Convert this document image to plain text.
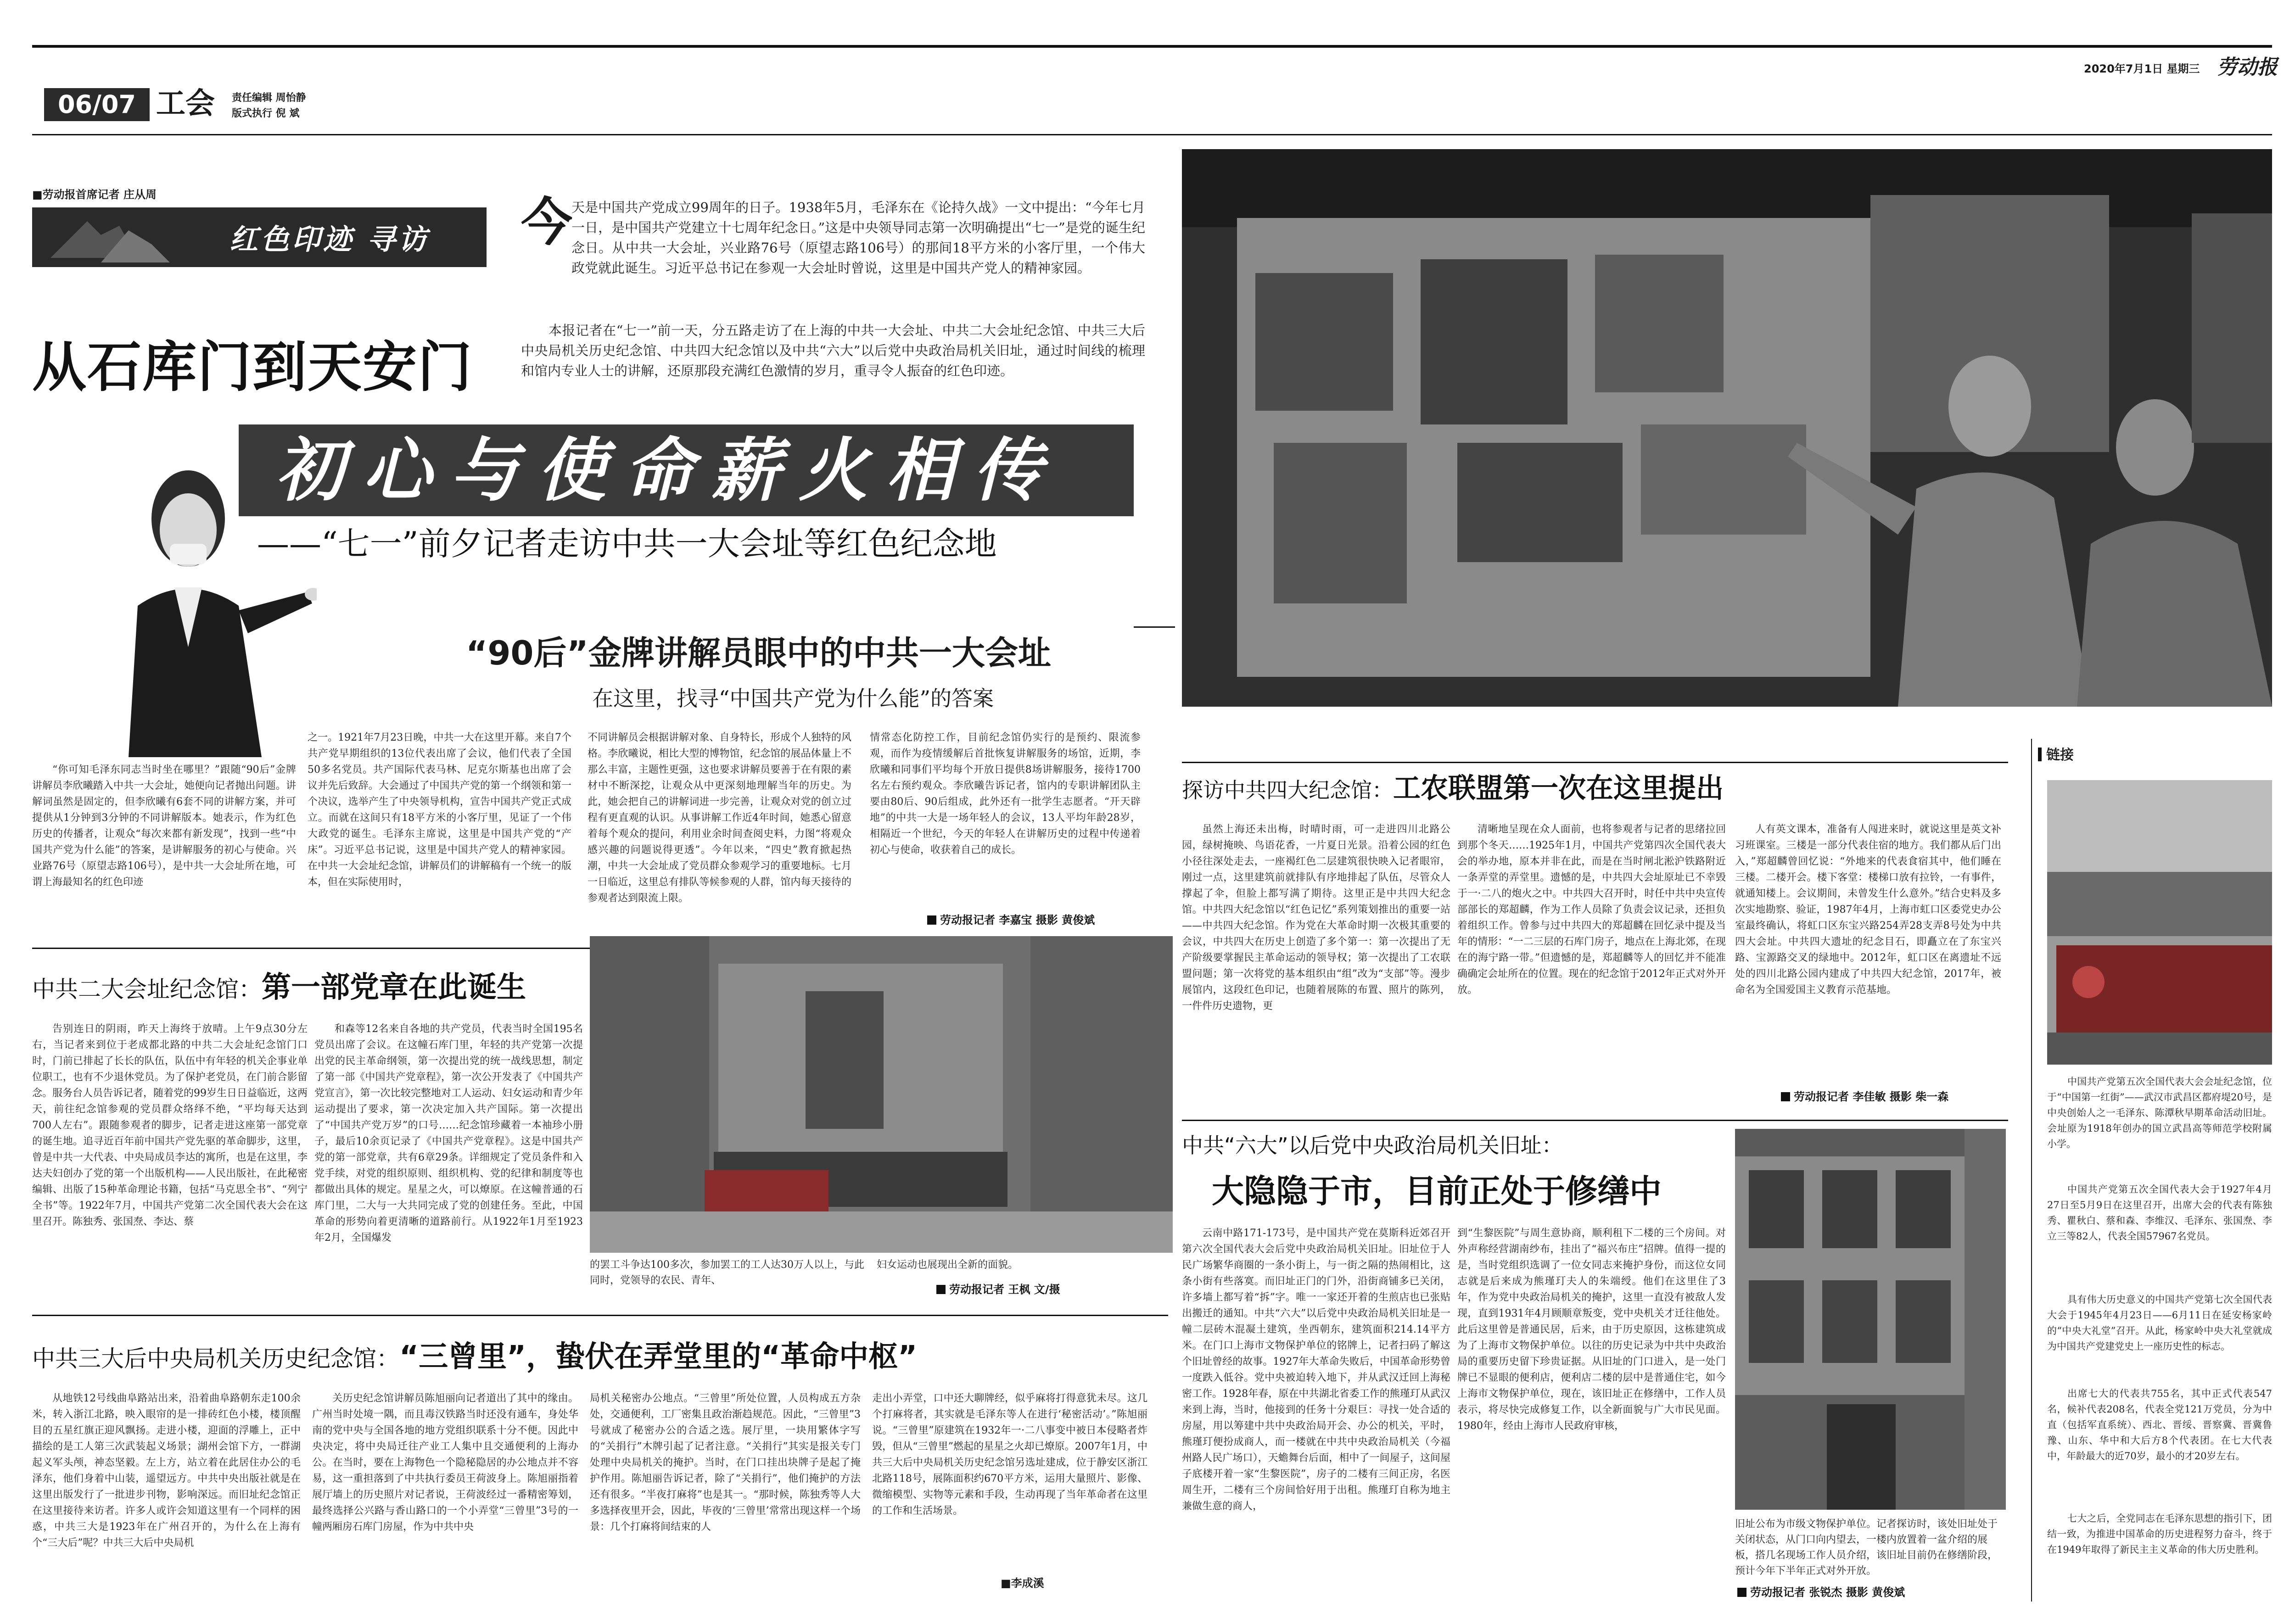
06/07 工会 责任编辑 周怡静
版式执行 倪 斌
2020年7月1日 星期三 劳动报
■劳动报首席记者 庄从周
红色印迹 寻访
从石库门到天安门
今
天是中国共产党成立99周年的日子。1938年5月，毛泽东在《论持久战》一文中提出：“今年七月一日，是中国共产党建立十七周年纪念日。”这是中央领导同志第一次明确提出“七一”是党的诞生纪念日。从中共一大会址，兴业路76号（原望志路106号）的那间18平方米的小客厅里，一个伟大政党就此诞生。习近平总书记在参观一大会址时曾说，这里是中国共产党人的精神家园。
本报记者在“七一”前一天，分五路走访了在上海的中共一大会址、中共二大会址纪念馆、中共三大后中央局机关历史纪念馆、中共四大纪念馆以及中共“六大”以后党中央政治局机关旧址，通过时间线的梳理和馆内专业人士的讲解，还原那段充满红色激情的岁月，重寻令人振奋的红色印迹。
初心与使命薪火相传
——“七一”前夕记者走访中共一大会址等红色纪念地
“90后”金牌讲解员眼中的中共一大会址
在这里，找寻“中国共产党为什么能”的答案
“你可知毛泽东同志当时坐在哪里？”跟随“90后”金牌讲解员李欣曦踏入中共一大会址，她便向记者抛出问题。讲解词虽然是固定的，但李欣曦有6套不同的讲解方案，并可提供从1分钟到3分钟的不同讲解版本。她表示，作为红色历史的传播者，让观众“每次来都有新发现”，找到一些“中国共产党为什么能”的答案，是讲解服务的初心与使命。兴业路76号（原望志路106号），是中共一大会址所在地，可谓上海最知名的红色印迹
之一。1921年7月23日晚，中共一大在这里开幕。来自7个共产党早期组织的13位代表出席了会议，他们代表了全国50多名党员。共产国际代表马林、尼克尔斯基也出席了会议并先后致辞。大会通过了中国共产党的第一个纲领和第一个决议，选举产生了中央领导机构，宣告中国共产党正式成立。而就在这间只有18平方米的小客厅里，见证了一个伟大政党的诞生。毛泽东主席说，这里是中国共产党的“产床”。习近平总书记说，这里是中国共产党人的精神家园。在中共一大会址纪念馆，讲解员们的讲解稿有一个统一的版本，但在实际使用时，
不同讲解员会根据讲解对象、自身特长，形成个人独特的风格。李欣曦说，相比大型的博物馆，纪念馆的展品体量上不那么丰富，主题性更强，这也要求讲解员要善于在有限的素材中不断深挖，让观众从中更深刻地理解当年的历史。为此，她会把自己的讲解词进一步完善，让观众对党的创立过程有更直观的认识。从事讲解工作近4年时间，她悉心留意着每个观众的提问，利用业余时间查阅史料，力图“将观众感兴趣的问题说得更透”。今年以来，“四史”教育掀起热潮，中共一大会址成了党员群众参观学习的重要地标。七月一日临近，这里总有排队等候参观的人群，馆内每天接待的参观者达到限流上限。
情常态化防控工作，目前纪念馆仍实行的是预约、限流参观，而作为疫情缓解后首批恢复讲解服务的场馆，近期，李欣曦和同事们平均每个开放日提供8场讲解服务，接待1700名左右预约观众。李欣曦告诉记者，馆内的专职讲解团队主要由80后、90后组成，此外还有一批学生志愿者。“开天辟地”的中共一大是一场年轻人的会议，13人平均年龄28岁，相隔近一个世纪，今天的年轻人在讲解历史的过程中传递着初心与使命，收获着自己的成长。
劳动报记者 李嘉宝 摄影 黄俊斌
中共二大会址纪念馆：第一部党章在此诞生
告别连日的阴雨，昨天上海终于放晴。上午9点30分左右，当记者来到位于老成都北路的中共二大会址纪念馆门口时，门前已排起了长长的队伍，队伍中有年轻的机关企事业单位职工，也有不少退休党员。为了保护老党员，在门前合影留念。服务台人员告诉记者，随着党的99岁生日日益临近，这两天，前往纪念馆参观的党员群众络绎不绝，“平均每天达到700人左右”。跟随参观者的脚步，记者走进这座第一部党章的诞生地。追寻近百年前中国共产党先驱的革命脚步，这里，曾是中共一大代表、中央局成员李达的寓所，也是在这里，李达夫妇创办了党的第一个出版机构——人民出版社，在此秘密编辑、出版了15种革命理论书籍，包括“马克思全书”、“列宁全书”等。1922年7月，中国共产党第二次全国代表大会在这里召开。陈独秀、张国焘、李达、蔡
和森等12名来自各地的共产党员，代表当时全国195名党员出席了会议。在这幢石库门里，年轻的共产党第一次提出党的民主革命纲领，第一次提出党的统一战线思想，制定了第一部《中国共产党章程》，第一次公开发表了《中国共产党宣言》，第一次比较完整地对工人运动、妇女运动和青少年运动提出了要求，第一次决定加入共产国际。第一次提出了“中国共产党万岁”的口号……纪念馆珍藏着一本袖珍小册子，最后10余页记录了《中国共产党章程》。这是中国共产党的第一部党章，共有6章29条。详细规定了党员条件和入党手续，对党的组织原则、组织机构、党的纪律和制度等也都做出具体的规定。星星之火，可以燎原。在这幢普通的石库门里，二大与一大共同完成了党的创建任务。至此，中国革命的形势向着更清晰的道路前行。从1922年1月至1923年2月，全国爆发
的罢工斗争达100多次，参加罢工的工人达30万人以上，与此同时，党领导的农民、青年、
妇女运动也展现出全新的面貌。
劳动报记者 王枫 文/摄
中共三大后中央局机关历史纪念馆：“三曾里”，蛰伏在弄堂里的“革命中枢”
从地铁12号线曲阜路站出来，沿着曲阜路朝东走100余米，转入浙江北路，映入眼帘的是一排砖红色小楼，楼顶醒目的五星红旗正迎风飘扬。走进小楼，迎面的浮雕上，正中描绘的是工人第三次武装起义场景；湖州会馆下方，一群湖起义军头颅，神态坚毅。左上方，站立着在此居住办公的毛泽东，他们身着中山装，遥望远方。中共中央出版社就是在这里出版发行了一批进步刊物，影响深远。而旧址纪念馆正在这里接待来访者。许多人或许会知道这里有一个同样的困惑，中共三大是1923年在广州召开的，为什么在上海有个“三大后”呢？中共三大后中央局机
关历史纪念馆讲解员陈旭丽向记者道出了其中的缘由。广州当时处境一隅，而且毒汉铁路当时还没有通车，身处华南的党中央与全国各地的地方党组织联系十分不便。因此中央决定，将中央局迁往产业工人集中且交通便利的上海办公。在当时，要在上海物色一个隐秘隐居的办公地点并不容易，这一重担落到了中共执行委员王荷波身上。陈旭丽指着展厅墙上的历史照片对记者说，王荷波经过一番精密筹划，最终选择公兴路与香山路口的一个小弄堂“三曾里”3号的一幢两厢房石库门房屋，作为中共中央
局机关秘密办公地点。“三曾里”所处位置，人员构成五方杂处，交通便利，工厂密集且政治渐趋规范。因此，“三曾里”3号就成了秘密办公的合适之选。展厅里，一块用繁体字写的“关捐行”木牌引起了记者注意。“关捐行”其实是报关专门处理中央局机关的掩护。当时，在门口挂出块牌子是起了掩护作用。陈旭丽告诉记者，除了“关捐行”，他们掩护的方法还有很多。“半夜打麻将”也是其一。“那时候，陈独秀等人大多选择夜里开会，因此，毕夜的‘三曾里’常常出现这样一个场景：几个打麻将间结束的人
走出小弄堂，口中还大聊牌经，似乎麻将打得意犹未尽。这几个打麻将者，其实就是毛泽东等人在进行‘秘密活动’。”陈旭丽说。“三曾里”原建筑在1932年一·二八事变中被日本侵略者炸毁，但从“三曾里”燃起的星星之火却已燎原。2007年1月，中共三大后中央局机关历史纪念馆另选址建成，位于静安区浙江北路118号，展陈面积约670平方米，运用大量照片、影像、微缩模型、实物等元素和手段，生动再现了当年革命者在这里的工作和生活场景。
■李成溪
探访中共四大纪念馆：工农联盟第一次在这里提出
虽然上海还未出梅，时晴时雨，可一走进四川北路公园，绿树掩映、鸟语花香，一片夏日光景。沿着公园的红色小径往深处走去，一座褐红色二层建筑很快映入记者眼帘，刚过一点，这里建筑前就排队有序地排起了队伍，尽管众人撑起了伞，但脸上都写满了期待。这里正是中共四大纪念馆。中共四大纪念馆以“红色记忆”系列策划推出的重要一站——中共四大纪念馆。作为党在大革命时期一次极其重要的会议，中共四大在历史上创造了多个第一：第一次提出了无产阶级要掌握民主革命运动的领导权；第一次提出了工农联盟问题；第一次将党的基本组织由“组”改为“支部”等。漫步展馆内，这段红色印记，也随着展陈的布置、照片的陈列，一件件历史遗物，更
清晰地呈现在众人面前，也将参观者与记者的思绪拉回到那个冬天……1925年1月，中国共产党第四次全国代表大会的举办地，原本并非在此，而是在当时闸北淞沪铁路附近一条弄堂的弄堂里。遗憾的是，中共四大会址原址已不幸毁于一·二八的炮火之中。中共四大召开时，时任中共中央宣传部部长的郑超麟，作为工作人员除了负责会议记录，还担负着组织工作。曾参与过中共四大的郑超麟在回忆录中提及当年的情形：“一二三层的石库门房子，地点在上海北郊，在现在的海宁路一带。”但遗憾的是，郑超麟等人的回忆并不能准确确定会址所在的位置。现在的纪念馆于2012年正式对外开放。
人有英文课本，准备有人闯进来时，就说这里是英文补习班课室。三楼是一部分代表住宿的地方。我们都从后门出入，”郑超麟曾回忆说：“外地来的代表食宿其中，他们睡在三楼。二楼开会。楼下客堂：楼梯口放有拉铃，一有事件，就通知楼上。会议期间，未曾发生什么意外。”结合史料及多次实地勘察、验证，1987年4月，上海市虹口区委党史办公室最终确认，将虹口区东宝兴路254弄28支弄8号处为中共四大会址。中共四大遗址的纪念目石，即矗立在了东宝兴路、宝源路交叉的绿地中。2012年，虹口区在离遗址不远处的四川北路公园内建成了中共四大纪念馆，2017年，被命名为全国爱国主义教育示范基地。
劳动报记者 李佳敏 摄影 柴一森
中共“六大”以后党中央政治局机关旧址：
大隐隐于市，目前正处于修缮中
云南中路171-173号，是中国共产党在莫斯科近郊召开第六次全国代表大会后党中央政治局机关旧址。旧址位于人民广场繁华商圈的一条小街上，与一街之隔的热闹相比，这条小街有些落寞。而旧址正门的门外，沿街商铺多已关闭，许多墙上都写着“拆”字。唯一一家还开着的生煎店也已张贴出搬迁的通知。中共“六大”以后党中央政治局机关旧址是一幢二层砖木混凝土建筑，坐西朝东，建筑面积214.14平方米。在门口上海市文物保护单位的铭牌上，记者扫码了解这个旧址曾经的故事。1927年大革命失败后，中国革命形势曾一度跌入低谷。党中央被迫转入地下，并从武汉迁回上海秘密工作。1928年春，原在中共湖北省委工作的熊瑾玎从武汉来到上海，当时，他接到的任务十分艰巨：寻找一处合适的房屋，用以筹建中共中央政治局开会、办公的机关，平时，熊瑾玎便扮成商人，而一楼就在中共中央政治局机关（今福州路人民广场口），天蟾舞台后面，相中了一间屋子，这间屋子底楼开着一家“生黎医院”，房子的二楼有三间正房，名医周生开，二楼有三个房间恰好用于出租。熊瑾玎自称为地主兼做生意的商人，
到“生黎医院”与周生意协商，顺利租下二楼的三个房间。对外声称经营湖南纱布，挂出了“福兴布庄”招牌。值得一提的是，当时党组织选调了一位女同志来掩护身份，而这位女同志就是后来成为熊瑾玎夫人的朱端绶。他们在这里住了3年，作为党中央政治局机关的掩护，这里一直没有被敌人发现，直到1931年4月顾顺章叛变，党中央机关才迁往他处。此后这里曾是普通民居，后来，由于历史原因，这栋建筑成为了上海市文物保护单位。以往的历史记录为中共中央政治局的重要历史留下珍贵证据。从旧址的门口进入，是一处门牌已不显眼的便利店，便利店二楼的层中是普通住宅，如今上海市文物保护单位，现在，该旧址正在修缮中，工作人员表示，将尽快完成修复工作，以全新面貌与广大市民见面。1980年，经由上海市人民政府审核，
旧址公布为市级文物保护单位。记者探访时，该处旧址处于关闭状态，从门口向内望去，一楼内放置着一盆介绍的展板，搭几名现场工作人员介绍，该旧址目前仍在修缮阶段，预计今年下半年正式对外开放。
劳动报记者 张锐杰 摄影 黄俊斌
链接
中国共产党第五次全国代表大会会址纪念馆，位于“中国第一红街”——武汉市武昌区都府堤20号，是中央创始人之一毛泽东、陈潭秋早期革命活动旧址。会址原为1918年创办的国立武昌高等师范学校附属小学。
中国共产党第五次全国代表大会于1927年4月27日至5月9日在这里召开，出席大会的代表有陈独秀、瞿秋白、蔡和森、李维汉、毛泽东、张国焘、李立三等82人，代表全国57967名党员。
具有伟大历史意义的中国共产党第七次全国代表大会于1945年4月23日——6月11日在延安杨家岭的“中央大礼堂”召开。从此，杨家岭中央大礼堂就成为中国共产党建党史上一座历史性的标志。
出席七大的代表共755名，其中正式代表547名，候补代表208名，代表全党121万党员，分为中直（包括军直系统）、西北、晋绥、晋察冀、晋冀鲁豫、山东、华中和大后方8个代表团。在七大代表中，年龄最大的近70岁，最小的才20岁左右。
七大之后，全党同志在毛泽东思想的指引下，团结一致，为推进中国革命的历史进程努力奋斗，终于在1949年取得了新民主主义革命的伟大历史胜利。
